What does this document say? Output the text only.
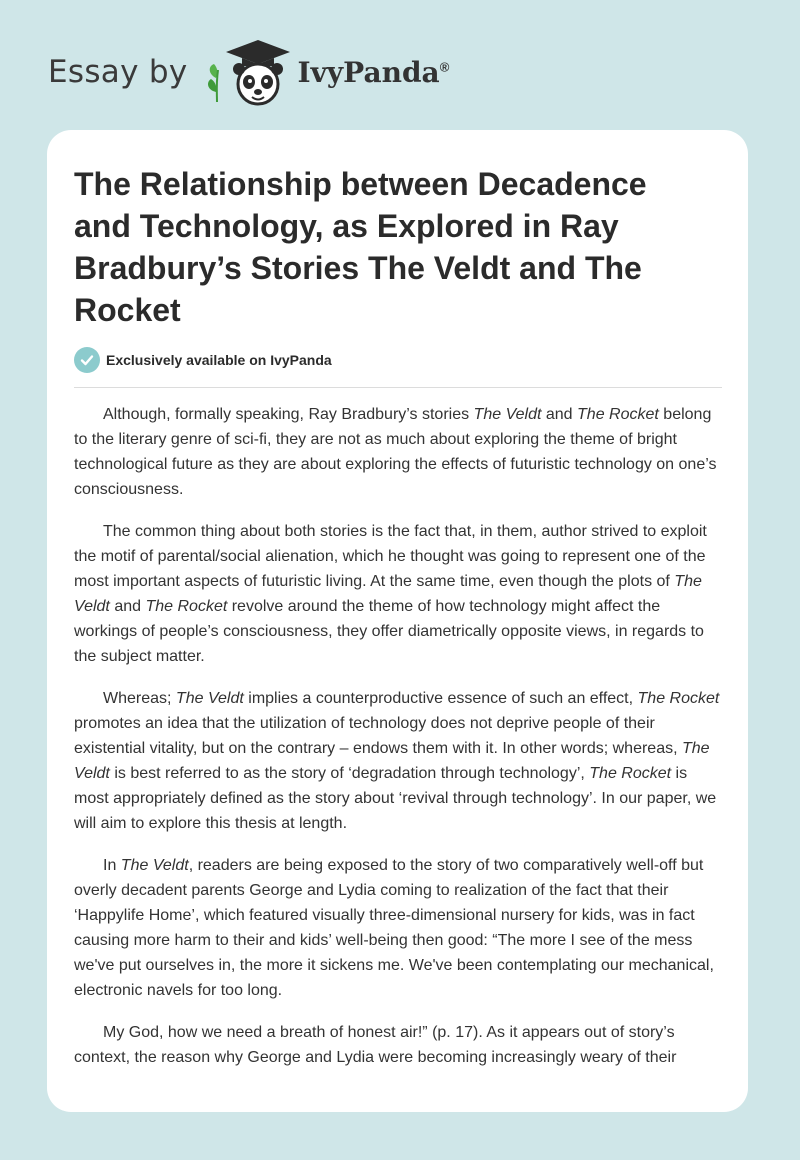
Essay by	IvyPanda®
The Relationship between Decadence and Technology, as Explored in Ray Bradbury’s Stories The Veldt and The Rocket
Exclusively available on IvyPanda

Although, formally speaking, Ray Bradbury’s stories The Veldt and The Rocket belong to the literary genre of sci-fi, they are not as much about exploring the theme of bright technological future as they are about exploring the effects of futuristic technology on one’s consciousness.

The common thing about both stories is the fact that, in them, author strived to exploit the motif of parental/social alienation, which he thought was going to represent one of the most important aspects of futuristic living. At the same time, even though the plots of The Veldt and The Rocket revolve around the theme of how technology might affect the workings of people’s consciousness, they offer diametrically opposite views, in regards to the subject matter.

Whereas; The Veldt implies a counterproductive essence of such an effect, The Rocket promotes an idea that the utilization of technology does not deprive people of their existential vitality, but on the contrary – endows them with it. In other words; whereas, The Veldt is best referred to as the story of ‘degradation through technology’, The Rocket is most appropriately defined as the story about ‘revival through technology’. In our paper, we will aim to explore this thesis at length.

In The Veldt, readers are being exposed to the story of two comparatively well-off but overly decadent parents George and Lydia coming to realization of the fact that their ‘Happylife Home’, which featured visually three-dimensional nursery for kids, was in fact causing more harm to their and kids’ well-being then good: “The more I see of the mess we've put ourselves in, the more it sickens me. We've been contemplating our mechanical, electronic navels for too long.

My God, how we need a breath of honest air!” (p. 17). As it appears out of story’s context, the reason why George and Lydia were becoming increasingly weary of their
